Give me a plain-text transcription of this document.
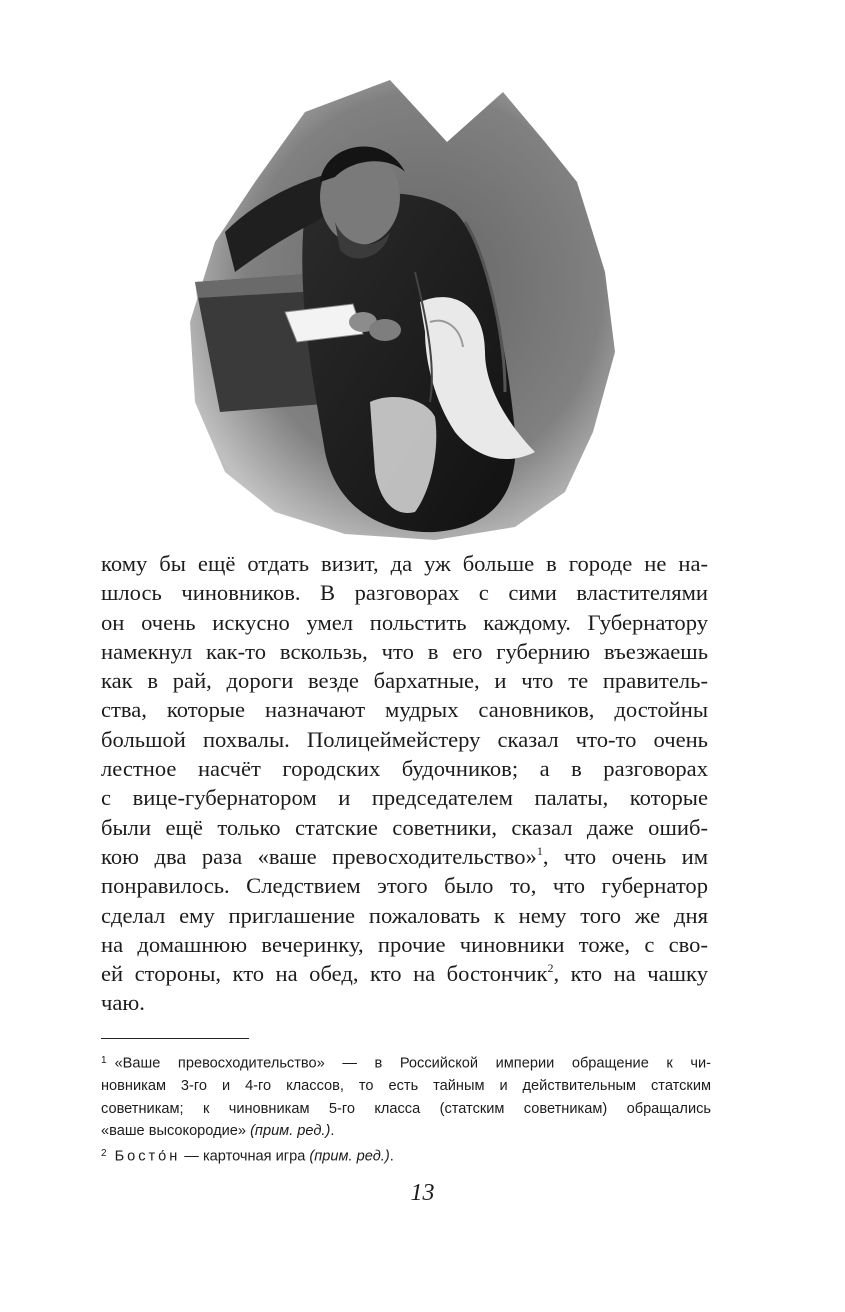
кому бы ещё отдать визит, да уж больше в городе не на-
шлось чиновников. В разговорах с сими властителями
он очень искусно умел польстить каждому. Губернатору
намекнул как-то вскользь, что в его губернию въезжаешь
как в рай, дороги везде бархатные, и что те правитель-
ства, которые назначают мудрых сановников, достойны
большой похвалы. Полицеймейстеру сказал что-то очень
лестное насчёт городских будочников; а в разговорах
с вице-губернатором и председателем палаты, которые
были ещё только статские советники, сказал даже ошиб-
кою два раза «ваше превосходительство»$^1$, что очень им
понравилось. Следствием этого было то, что губернатор
сделал ему приглашение пожаловать к нему того же дня
на домашнюю вечеринку, прочие чиновники тоже, с сво-
ей стороны, кто на обед, кто на бостончик$^2$, кто на чашку
чаю.
$^1$ «Ваше превосходительство» — в Российской империи обращение к чи-
новникам 3-го и 4-го классов, то есть тайным и действительным статским
советникам; к чиновникам 5-го класса (статским советникам) обращались
«ваше высокородие» (прим. ред.).
$^2$ Босто́н — карточная игра (прим. ред.).
13
